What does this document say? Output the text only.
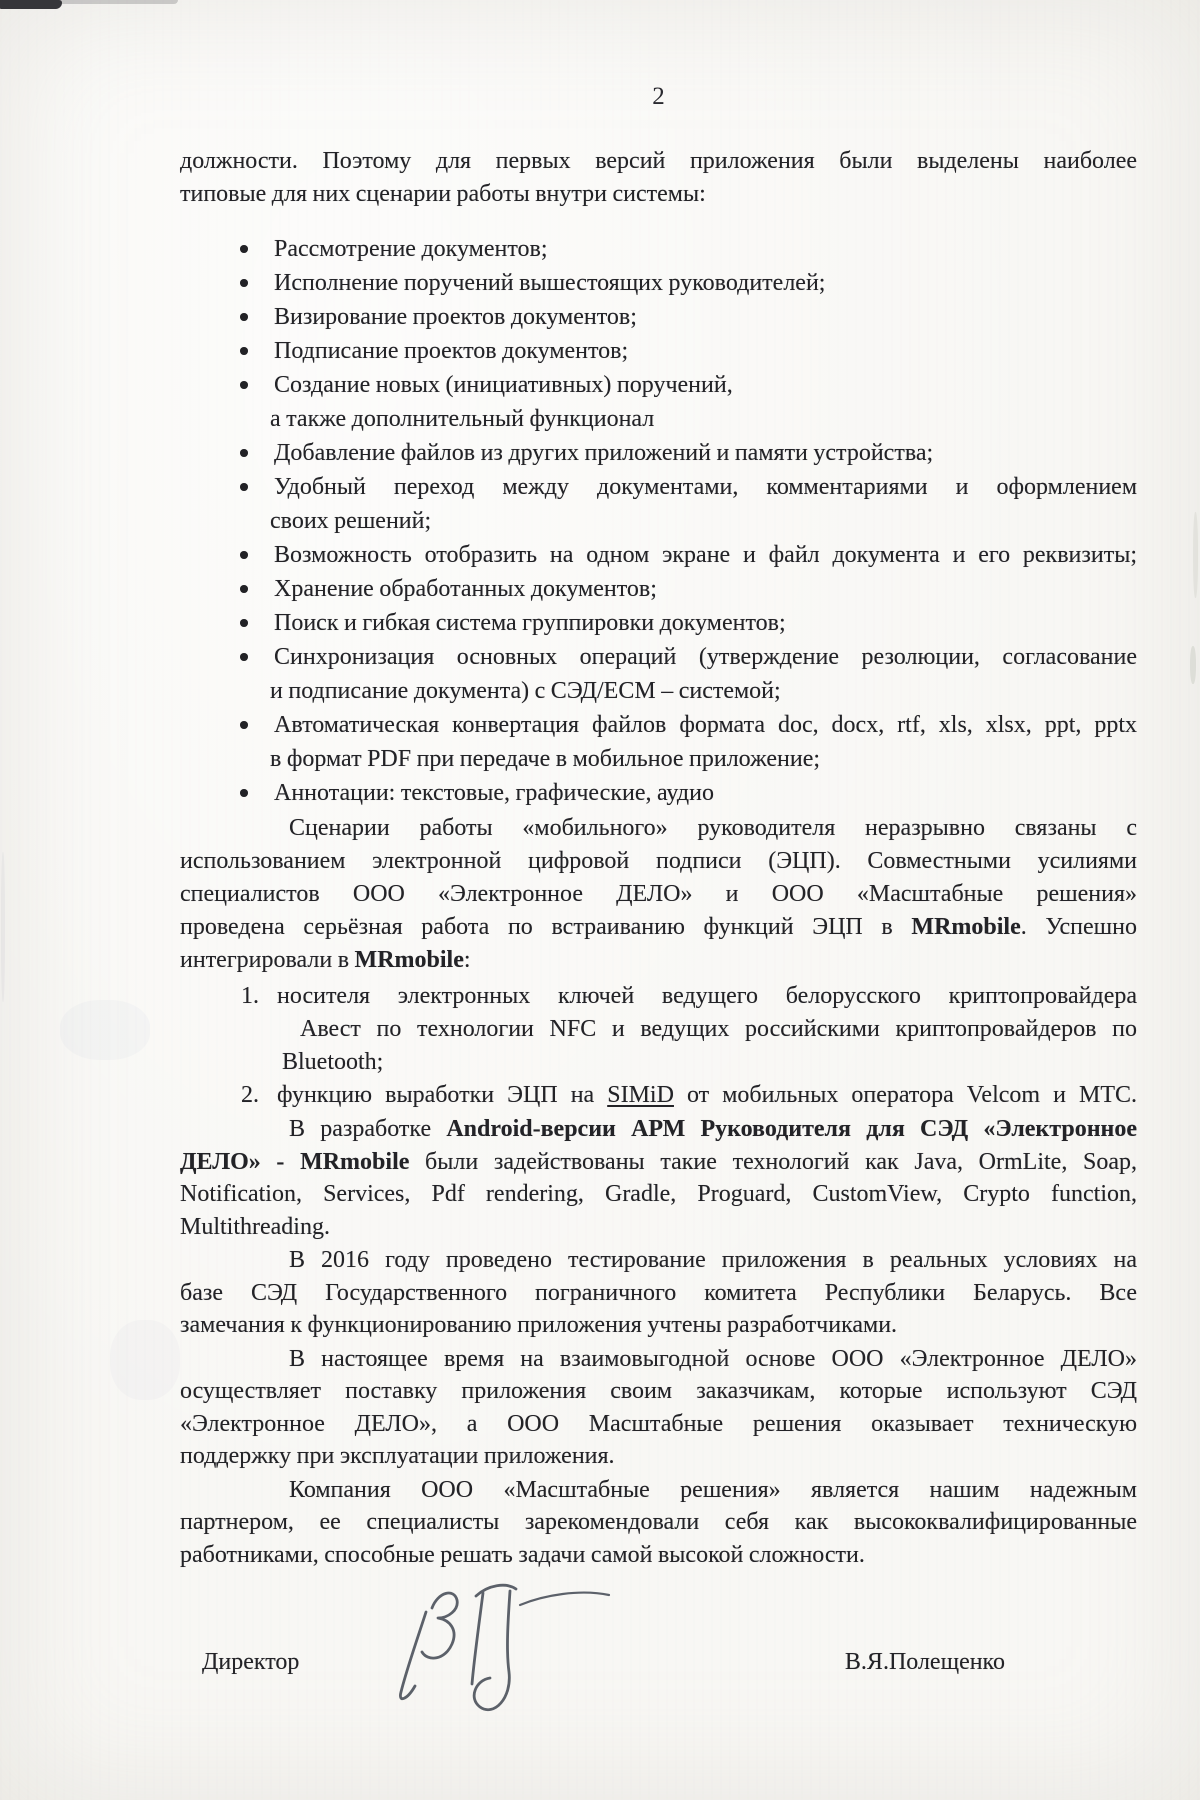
2
должности. Поэтому для первых версий приложения были выделены наиболее
типовые для них сценарии работы внутри системы:
Рассмотрение документов;
Исполнение поручений вышестоящих руководителей;
Визирование проектов документов;
Подписание проектов документов;
Создание новых (инициативных) поручений,
а также дополнительный функционал
Добавление файлов из других приложений и памяти устройства;
Удобный переход между документами, комментариями и оформлением
своих решений;
Возможность отобразить на одном экране и файл документа и его реквизиты;
Хранение обработанных документов;
Поиск и гибкая система группировки документов;
Синхронизация основных операций (утверждение резолюции, согласование
и подписание документа) с СЭД/ЕСМ – системой;
Автоматическая конвертация файлов формата doc, docx, rtf, xls, xlsx, ppt, pptx
в формат PDF при передаче в мобильное приложение;
Аннотации: текстовые, графические, аудио
Сценарии работы «мобильного» руководителя неразрывно связаны с
использованием электронной цифровой подписи (ЭЦП). Совместными усилиями
специалистов ООО «Электронное ДЕЛО» и ООО «Масштабные решения»
проведена серьёзная работа по встраиванию функций ЭЦП в MRmobile. Успешно
интегрировали в MRmobile:
1. носителя электронных ключей ведущего белорусского криптопровайдера
Авест по технологии NFC и ведущих российскими криптопровайдеров по
Bluetooth;
2. функцию выработки ЭЦП на SIMiD от мобильных оператора Velcom и МТС.
В разработке Android-версии АРМ Руководителя для СЭД «Электронное
ДЕЛО» - MRmobile были задействованы такие технологий как Java, OrmLite, Soap,
Notification, Services, Pdf rendering, Gradle, Proguard, CustomView, Crypto function,
Multithreading.
В 2016 году проведено тестирование приложения в реальных условиях на
базе СЭД Государственного пограничного комитета Республики Беларусь. Все
замечания к функционированию приложения учтены разработчиками.
В настоящее время на взаимовыгодной основе ООО «Электронное ДЕЛО»
осуществляет поставку приложения своим заказчикам, которые используют СЭД
«Электронное ДЕЛО», а ООО Масштабные решения оказывает техническую
поддержку при эксплуатации приложения.
Компания ООО «Масштабные решения» является нашим надежным
партнером, ее специалисты зарекомендовали себя как высококвалифицированные
работниками, способные решать задачи самой высокой сложности.
Директор	В.Я.Полещенко
